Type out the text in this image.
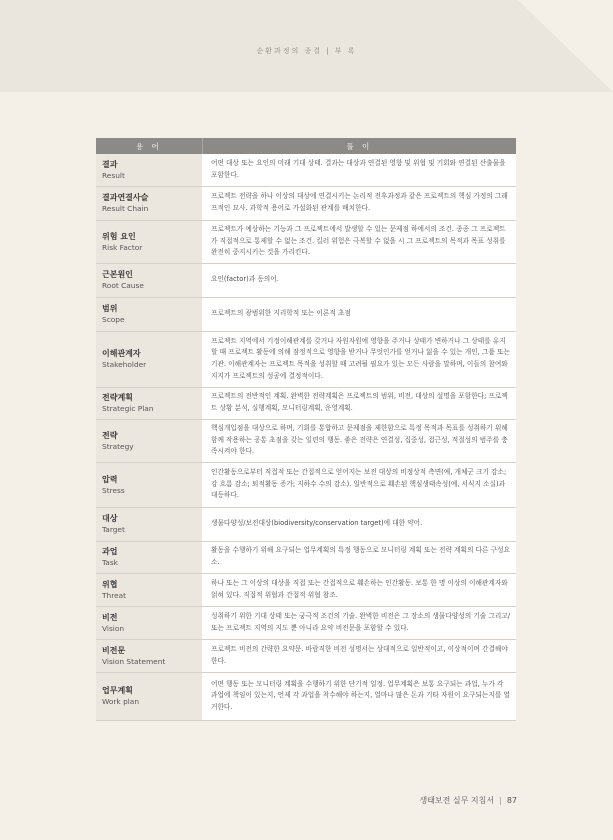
순환과정의 종결 | 부 록
용 어	풀 이

결과
Result	어떤 대상 또는 요인의 미래 기대 상태. 결과는 대상과 연결된 영향 및 위협 및 기회와 연결된 산출물을 포함한다.

결과연결사슬
Result Chain	프로젝트 전략을 하나 이상의 대상에 연결시키는 논리적 전후과정과 같은 프로젝트의 핵심 가정의 그래프적인 묘사. 과학적 용어로 가설화된 관계를 배치한다.

위험 요인
Risk Factor	프로젝트가 예상하는 기능과 그 프로젝트에서 발생할 수 있는 문제점 하에서의 조건. 종종 그 프로젝트가 직접적으로 통제할 수 없는 조건. 킬러 위험은 극복할 수 없을 시 그 프로젝트의 목적과 목표 성취를 완전히 중지시키는 것을 가리킨다.

근본원인
Root Cause	요인(factor)과 동의어.

범위
Scope	프로젝트의 광범위한 지리학적 또는 이론적 초점

이해관계자
Stakeholder	프로젝트 지역에서 기정이해관계를 갖거나 자원자원에 영향을 주거나 상태가 변하거나 그 상태를 유지할 때 프로젝트 활동에 의해 잠정적으로 영향을 받거나 무엇인가를 얻거나 잃을 수 있는 개인, 그룹 또는 기관. 이해관계자는 프로젝트 목적을 성취할 때 고려될 필요가 있는 모든 사람을 말하며, 이들의 참여와 지지가 프로젝트의 성공에 결정적이다.

전략계획
Strategic Plan	프로젝트의 전반적인 계획. 완벽한 전략계획은 프로젝트의 범위, 비전, 대상의 설명을 포함한다; 프로젝트 상황 분석, 실행계획, 모니터링계획, 운영계획.

전략
Strategy	핵심개입점을 대상으로 하며, 기회를 통합하고 문제점을 제한함으로 특정 목적과 목표를 성취하기 위해 함께 작용하는 공통 초점을 갖는 일련의 행동. 좋은 전략은 연결성, 집중성, 접근성, 적절성의 범주를 충족시켜야 한다.

압력
Stress	인간활동으로부터 직접적 또는 간접적으로 얻어지는 보전 대상의 비정상적 측면(예, 개체군 크기 감소; 강 흐름 감소; 퇴적활동 증가; 지하수 수의 감소). 일반적으로 훼손된 핵심생태속성(예, 서식지 소실)과 대등하다.

대상
Target	생물다양성/보전대상(biodiversity/conservation target)에 대한 약어.

과업
Task	활동을 수행하기 위해 요구되는 업무계획의 특정 행동으로 모니터링 계획 또는 전략 계획의 다른 구성요소.

위협
Threat	하나 또는 그 이상의 대상을 직접 또는 간접적으로 훼손하는 인간활동. 보통 한 명 이상의 이해관계자와 얽혀 있다. 직접적 위협과 간접적 위협 참조.

비전
Vision	성취하기 위한 기대 상태 또는 궁극적 조건의 기술. 완벽한 비전은 그 장소의 생물다양성의 기술 그리고/또는 프로젝트 지역의 지도 뿐 아니라 요약 비전문을 포함할 수 있다.

비전문
Vision Statement	프로젝트 비전의 간략한 요약문. 바람직한 비전 성명서는 상대적으로 일반적이고, 이상적이며 간결해야 한다.

업무계획
Work plan	어떤 행동 또는 모니터링 계획을 수행하기 위한 단기적 일정. 업무계획은 보통 요구되는 과업, 누가 각 과업에 책임이 있는지, 언제 각 과업을 착수해야 하는지, 얼마나 많은 돈과 기타 자원이 요구되는지를 열거한다.
생태보전 실무 지침서 | 87
